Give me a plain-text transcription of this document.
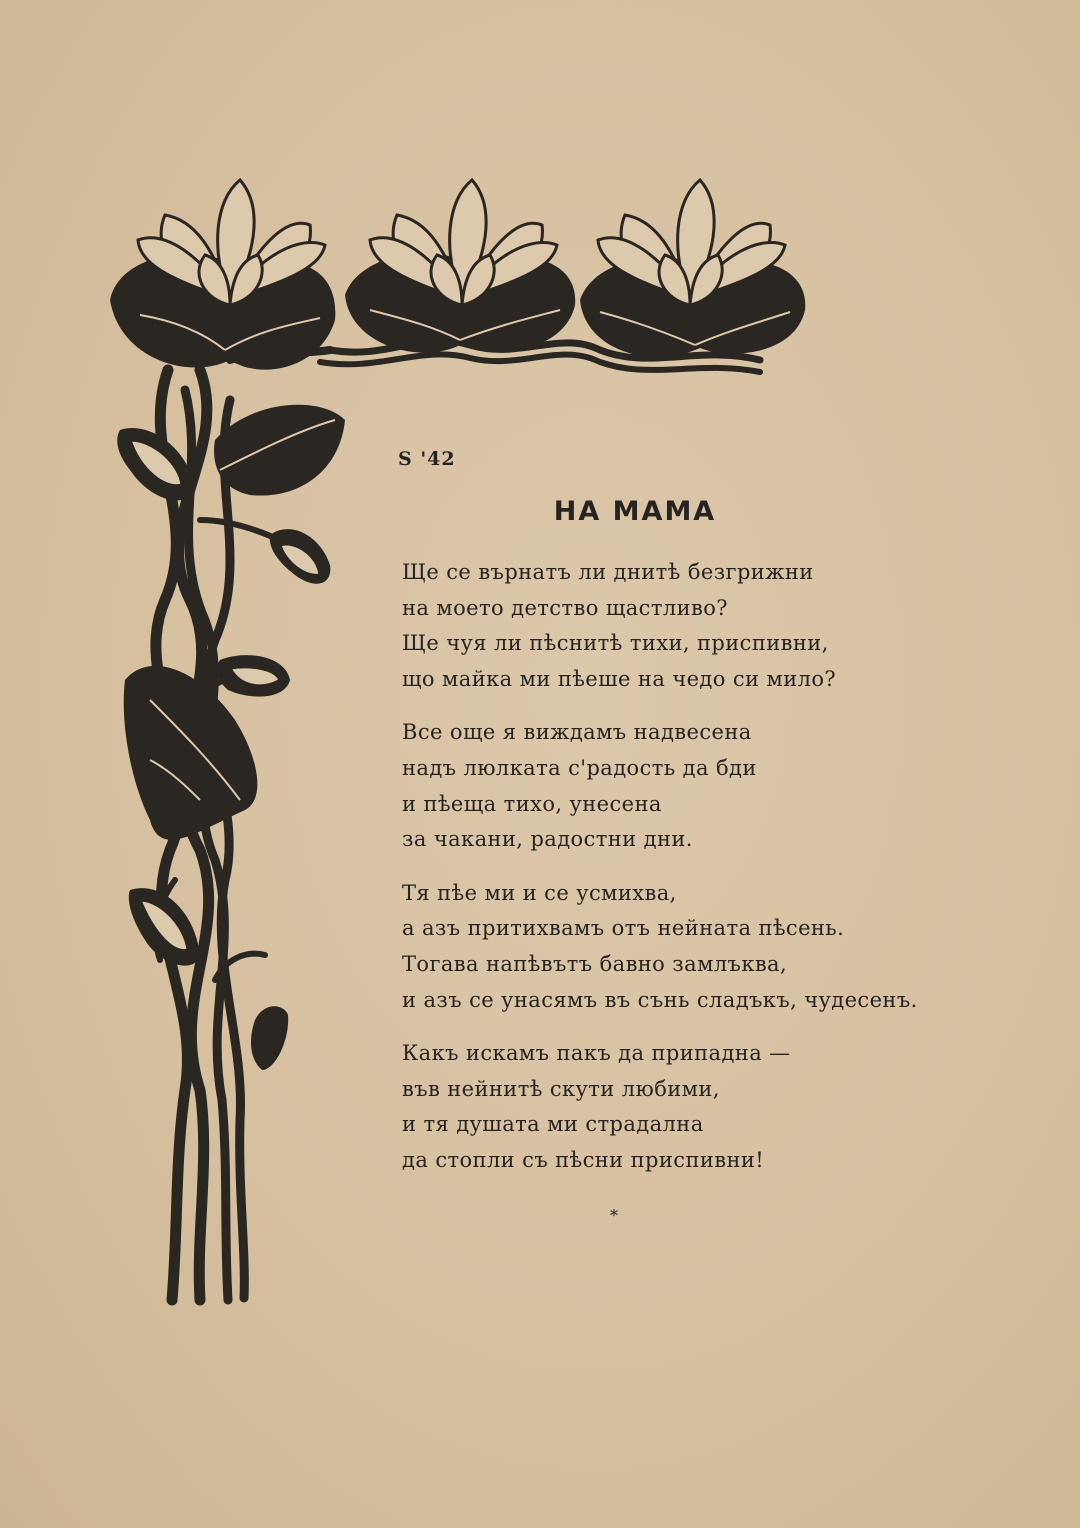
S '42
НА МАМА
Ще се върнатъ ли днитѣ безгрижни
на моето детство щастливо?
Ще чуя ли пѣснитѣ тихи, приспивни,
що майка ми пѣеше на чедо си мило?
Все още я виждамъ надвесена
надъ люлката с'радость да бди
и пѣеща тихо, унесена
за чакани, радостни дни.
Тя пѣе ми и се усмихва,
а азъ притихвамъ отъ нейната пѣсень.
Тогава напѣвътъ бавно замлъква,
и азъ се унасямъ въ сънь сладъкъ, чудесенъ.
Какъ искамъ пакъ да припадна —
във нейнитѣ скути любими,
и тя душата ми страдална
да стопли съ пѣсни приспивни!
*
